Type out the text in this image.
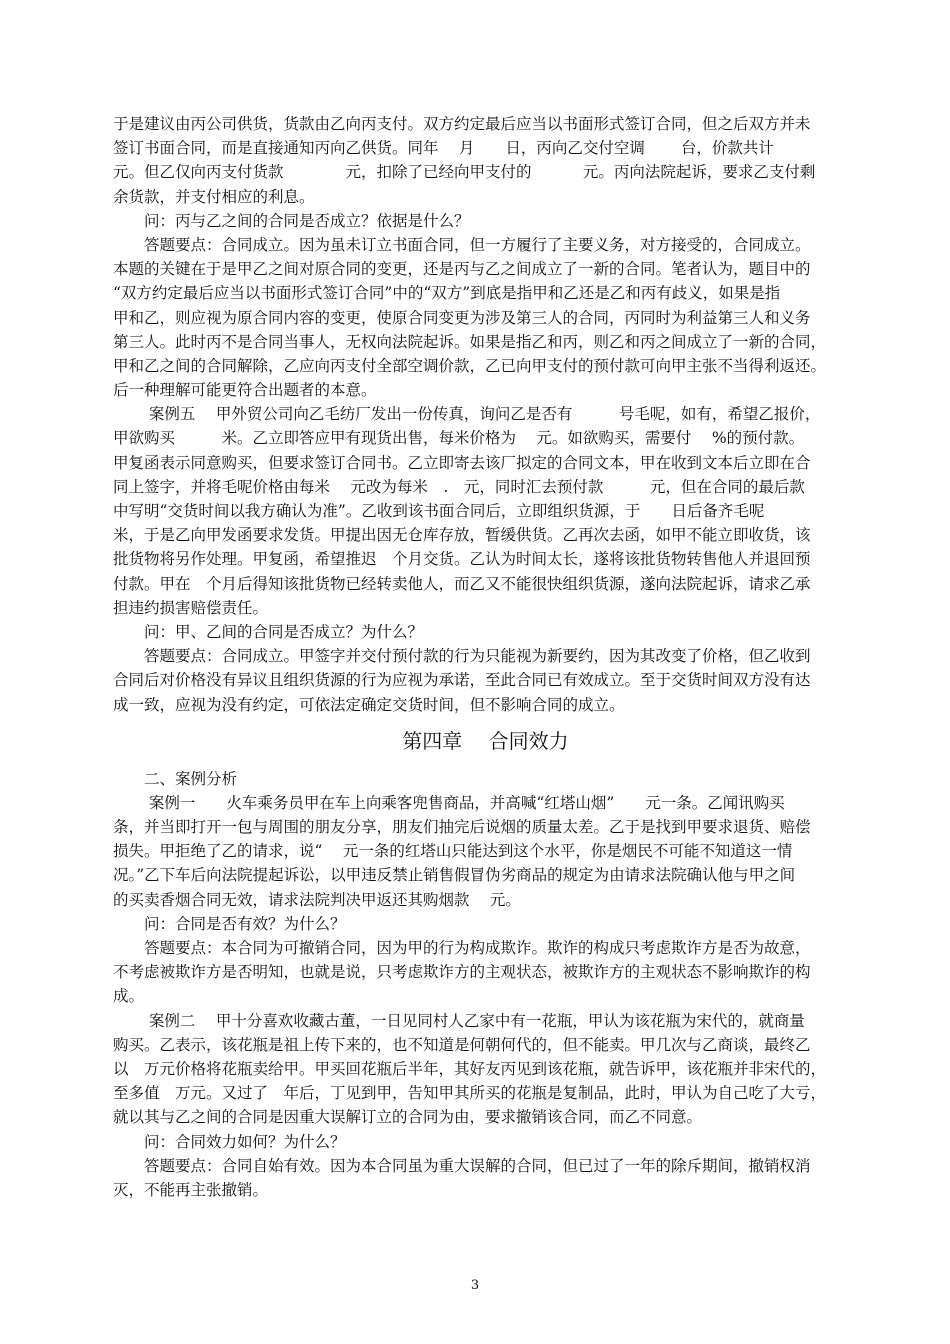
于是建议由丙公司供货，货款由乙向丙支付。双方约定最后应当以书面形式签订合同，但之后双方并未
签订书面合同，而是直接通知丙向乙供货。同年　 月　　日，丙向乙交付空调　　 台，价款共计
元。但乙仅向丙支付货款　　　　元，扣除了已经向甲支付的　　　 元。丙向法院起诉，要求乙支付剩
余货款，并支付相应的利息。
　　问：丙与乙之间的合同是否成立？依据是什么？
　　答题要点：合同成立。因为虽未订立书面合同，但一方履行了主要义务，对方接受的，合同成立。
本题的关键在于是甲乙之间对原合同的变更，还是丙与乙之间成立了一新的合同。笔者认为，题目中的
“双方约定最后应当以书面形式签订合同”中的“双方”到底是指甲和乙还是乙和丙有歧义，如果是指
甲和乙，则应视为原合同内容的变更，使原合同变更为涉及第三人的合同，丙同时为利益第三人和义务
第三人。此时丙不是合同当事人，无权向法院起诉。如果是指乙和丙，则乙和丙之间成立了一新的合同，
甲和乙之间的合同解除，乙应向丙支付全部空调价款，乙已向甲支付的预付款可向甲主张不当得利返还。
后一种理解可能更符合出题者的本意。
　　 案例五　 甲外贸公司向乙毛纺厂发出一份传真，询问乙是否有　　　号毛呢，如有，希望乙报价，
甲欲购买　　　米。乙立即答应甲有现货出售，每米价格为　 元。如欲购买，需要付　 %的预付款。
甲复函表示同意购买，但要求签订合同书。乙立即寄去该厂拟定的合同文本，甲在收到文本后立即在合
同上签字，并将毛呢价格由每米　 元改为每米　.　元，同时汇去预付款　　　元，但在合同的最后款
中写明“交货时间以我方确认为准”。乙收到该书面合同后，立即组织货源，于　　日后备齐毛呢
米，于是乙向甲发函要求发货。甲提出因无仓库存放，暂缓供货。乙再次去函，如甲不能立即收货，该
批货物将另作处理。甲复函，希望推迟　个月交货。乙认为时间太长，遂将该批货物转售他人并退回预
付款。甲在　个月后得知该批货物已经转卖他人，而乙又不能很快组织货源，遂向法院起诉，请求乙承
担违约损害赔偿责任。
　　问：甲、乙间的合同是否成立？为什么？
　　答题要点：合同成立。甲签字并交付预付款的行为只能视为新要约，因为其改变了价格，但乙收到
合同后对价格没有异议且组织货源的行为应视为承诺，至此合同已有效成立。至于交货时间双方没有达
成一致，应视为没有约定，可依法定确定交货时间，但不影响合同的成立。
第四章　 合同效力
　　二、案例分析
　　 案例一　　火车乘务员甲在车上向乘客兜售商品，并高喊“红塔山烟”　　元一条。乙闻讯购买
条，并当即打开一包与周围的朋友分享，朋友们抽完后说烟的质量太差。乙于是找到甲要求退货、赔偿
损失。甲拒绝了乙的请求，说“　 元一条的红塔山只能达到这个水平，你是烟民不可能不知道这一情
况。”乙下车后向法院提起诉讼，以甲违反禁止销售假冒伪劣商品的规定为由请求法院确认他与甲之间
的买卖香烟合同无效，请求法院判决甲返还其购烟款　 元。
　　问：合同是否有效？为什么？
　　答题要点：本合同为可撤销合同，因为甲的行为构成欺诈。欺诈的构成只考虑欺诈方是否为故意，
不考虑被欺诈方是否明知，也就是说，只考虑欺诈方的主观状态，被欺诈方的主观状态不影响欺诈的构
成。
　　 案例二　 甲十分喜欢收藏古董，一日见同村人乙家中有一花瓶，甲认为该花瓶为宋代的，就商量
购买。乙表示，该花瓶是祖上传下来的，也不知道是何朝何代的，但不能卖。甲几次与乙商谈，最终乙
以　万元价格将花瓶卖给甲。甲买回花瓶后半年，其好友丙见到该花瓶，就告诉甲，该花瓶并非宋代的，
至多值　万元。又过了　年后，丁见到甲，告知甲其所买的花瓶是复制品，此时，甲认为自己吃了大亏，
就以其与乙之间的合同是因重大误解订立的合同为由，要求撤销该合同，而乙不同意。
　　问：合同效力如何？为什么？
　　答题要点：合同自始有效。因为本合同虽为重大误解的合同，但已过了一年的除斥期间，撤销权消
灭，不能再主张撤销。
3
